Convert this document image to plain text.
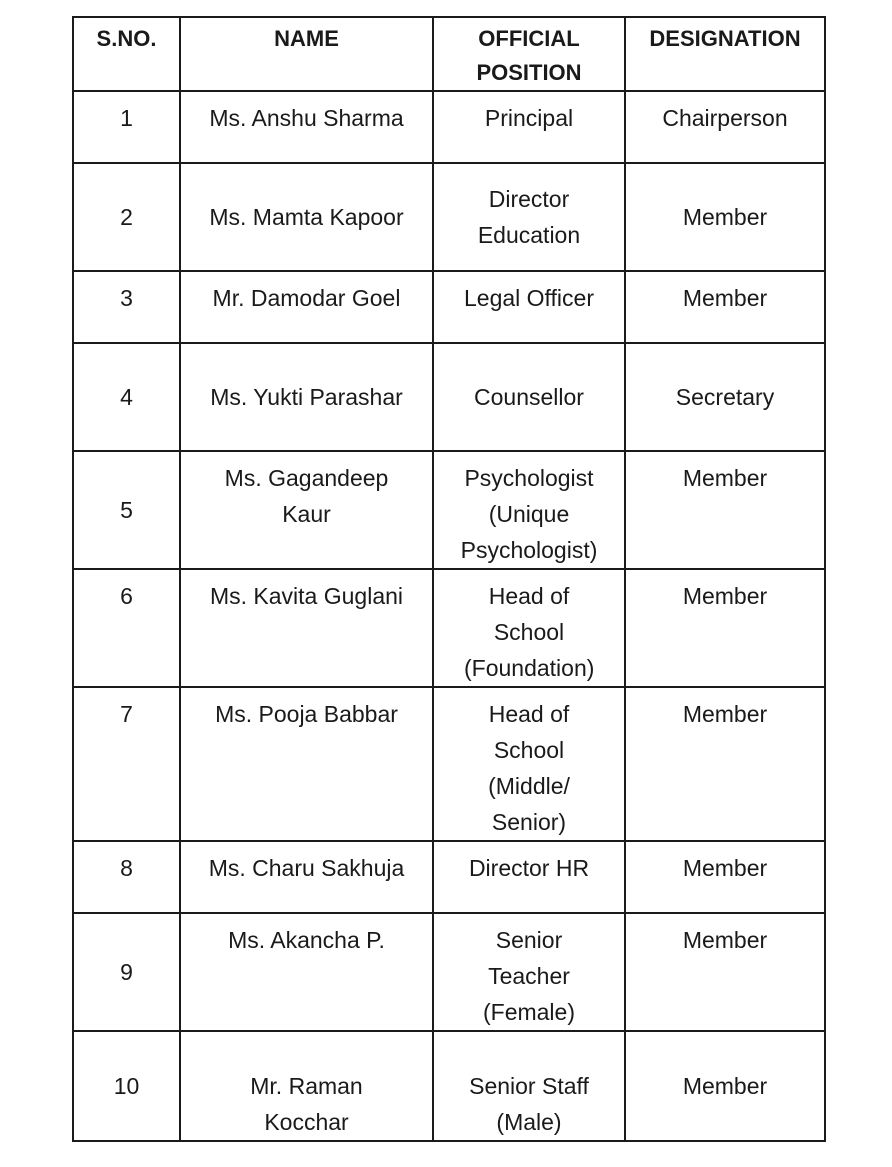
S.NO.	NAME	OFFICIAL POSITION	DESIGNATION
1	Ms. Anshu Sharma	Principal	Chairperson
2	Ms. Mamta Kapoor	Director Education	Member
3	Mr. Damodar Goel	Legal Officer	Member
4	Ms. Yukti Parashar	Counsellor	Secretary
5	Ms. Gagandeep Kaur	Psychologist (Unique Psychologist)	Member
6	Ms. Kavita Guglani	Head of School (Foundation)	Member
7	Ms. Pooja Babbar	Head of School (Middle/ Senior)	Member
8	Ms. Charu Sakhuja	Director HR	Member
9	Ms. Akancha P.	Senior Teacher (Female)	Member
10	Mr. Raman Kocchar	Senior Staff (Male)	Member
